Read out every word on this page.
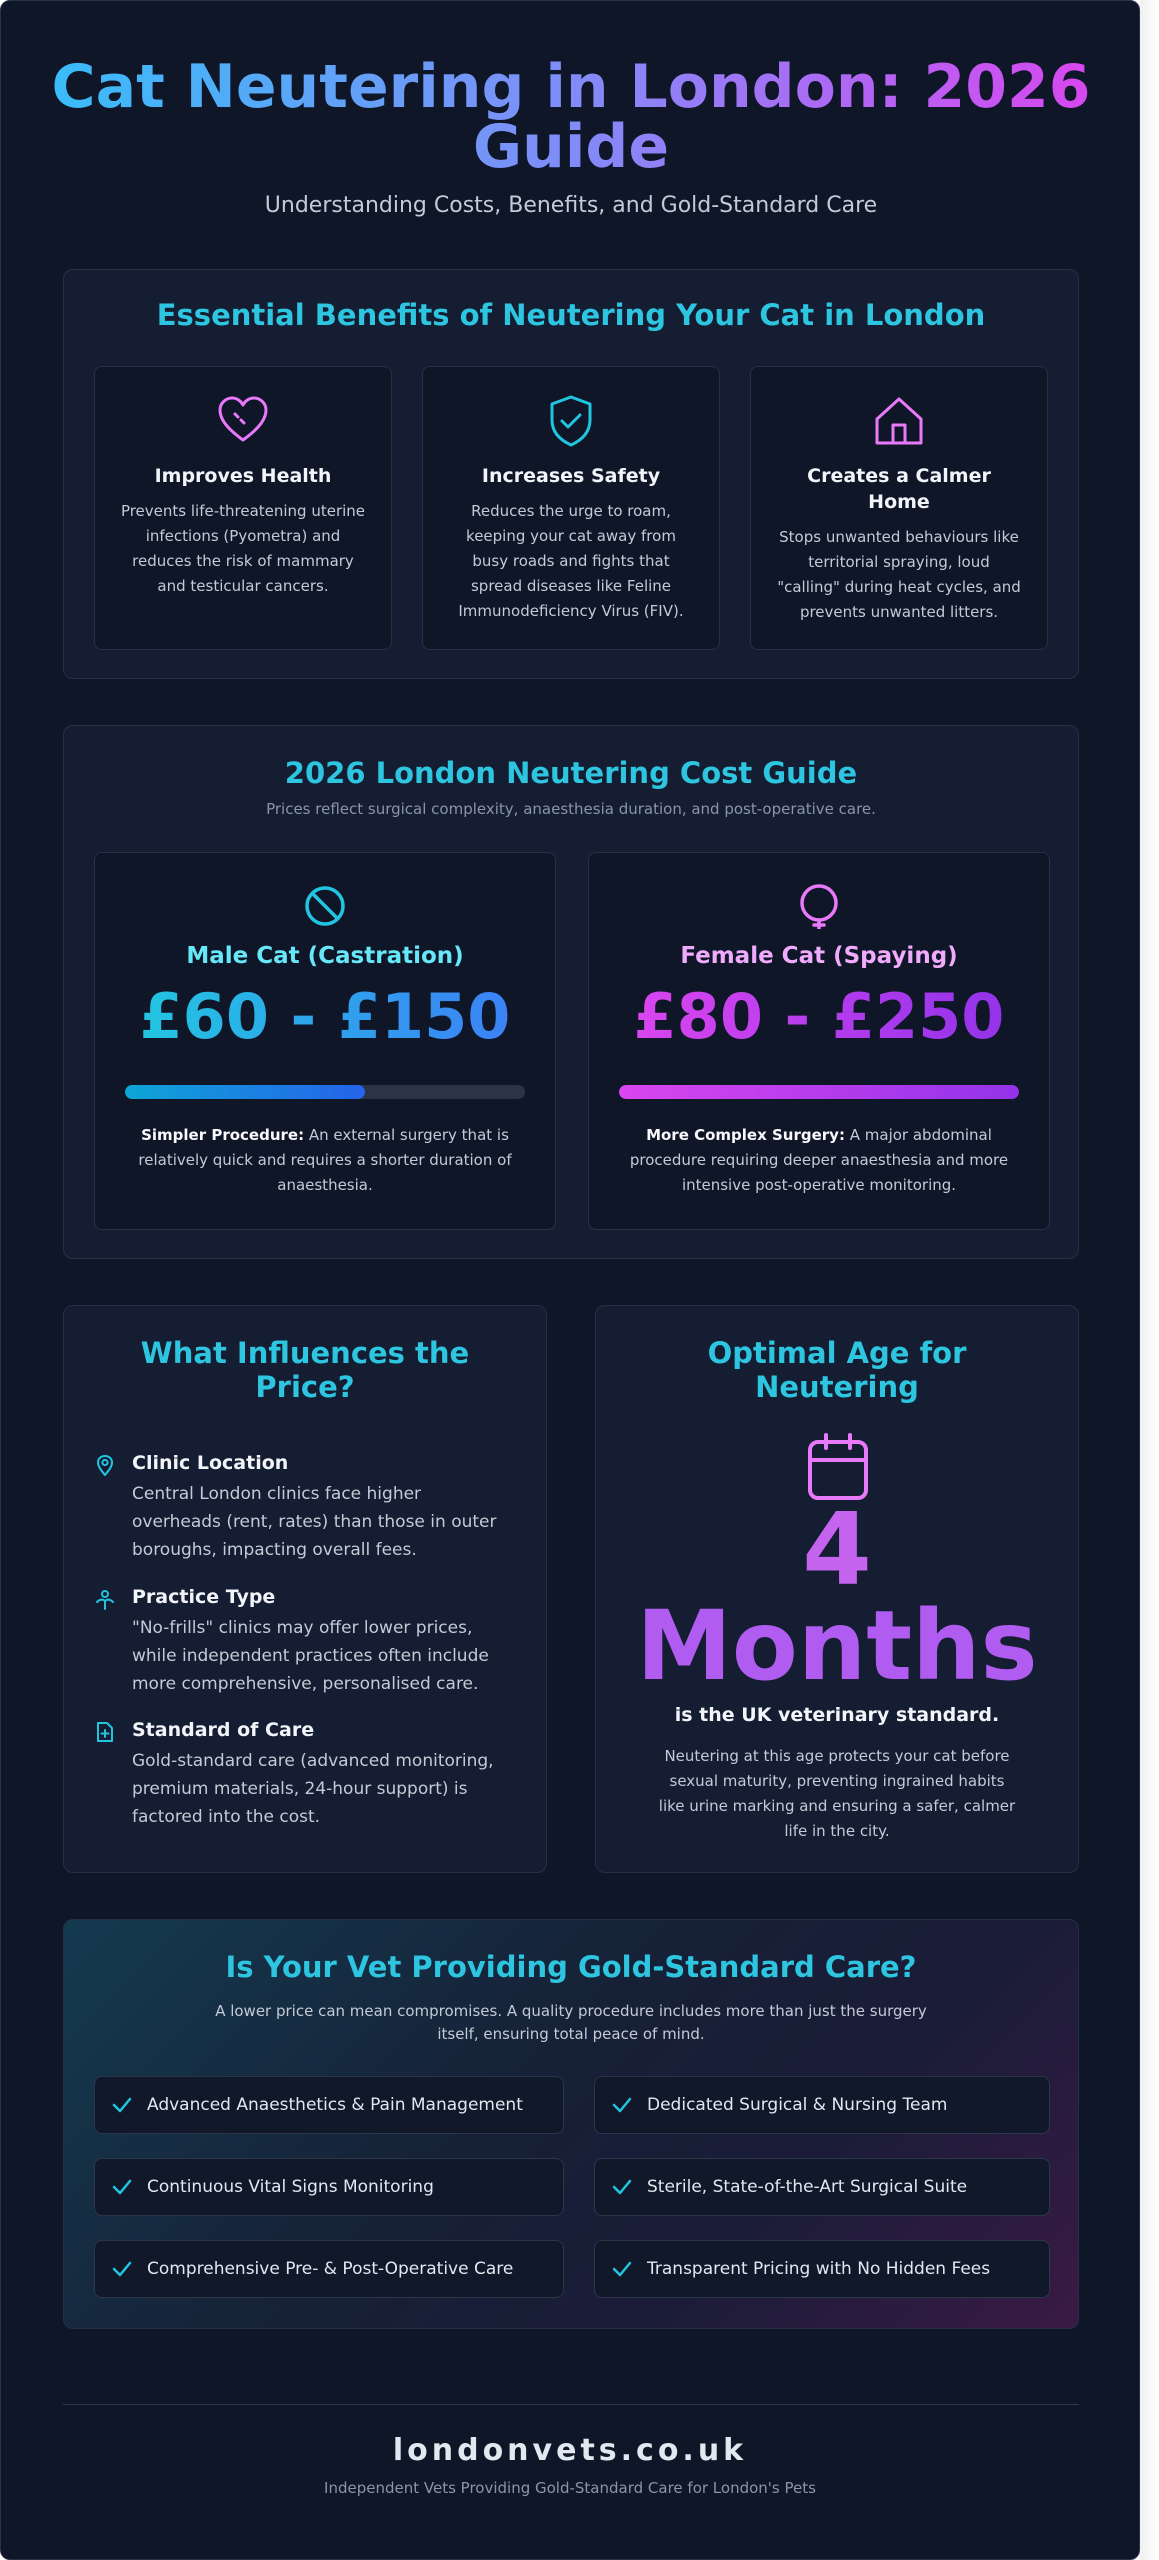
Cat Neutering in London: 2026
Guide
Understanding Costs, Benefits, and Gold-Standard Care
Essential Benefits of Neutering Your Cat in London
Improves Health
Prevents life-threatening uterine
infections (Pyometra) and
reduces the risk of mammary
and testicular cancers.
Increases Safety
Reduces the urge to roam,
keeping your cat away from
busy roads and fights that
spread diseases like Feline
Immunodeficiency Virus (FIV).
Creates a Calmer
Home
Stops unwanted behaviours like
territorial spraying, loud
"calling" during heat cycles, and
prevents unwanted litters.
2026 London Neutering Cost Guide
Prices reflect surgical complexity, anaesthesia duration, and post-operative care.
Male Cat (Castration)
£60 - £150
Simpler Procedure: An external surgery that is
relatively quick and requires a shorter duration of
anaesthesia.
Female Cat (Spaying)
£80 - £250
More Complex Surgery: A major abdominal
procedure requiring deeper anaesthesia and more
intensive post-operative monitoring.
What Influences the
Price?
Clinic Location
Central London clinics face higher
overheads (rent, rates) than those in outer
boroughs, impacting overall fees.
Practice Type
"No-frills" clinics may offer lower prices,
while independent practices often include
more comprehensive, personalised care.
Standard of Care
Gold-standard care (advanced monitoring,
premium materials, 24-hour support) is
factored into the cost.
Optimal Age for
Neutering
4
Months
is the UK veterinary standard.
Neutering at this age protects your cat before
sexual maturity, preventing ingrained habits
like urine marking and ensuring a safer, calmer
life in the city.
Is Your Vet Providing Gold-Standard Care?
A lower price can mean compromises. A quality procedure includes more than just the surgery
itself, ensuring total peace of mind.
Advanced Anaesthetics & Pain Management	Dedicated Surgical & Nursing Team
Continuous Vital Signs Monitoring	Sterile, State-of-the-Art Surgical Suite
Comprehensive Pre- & Post-Operative Care	Transparent Pricing with No Hidden Fees
londonvets.co.uk
Independent Vets Providing Gold-Standard Care for London's Pets
